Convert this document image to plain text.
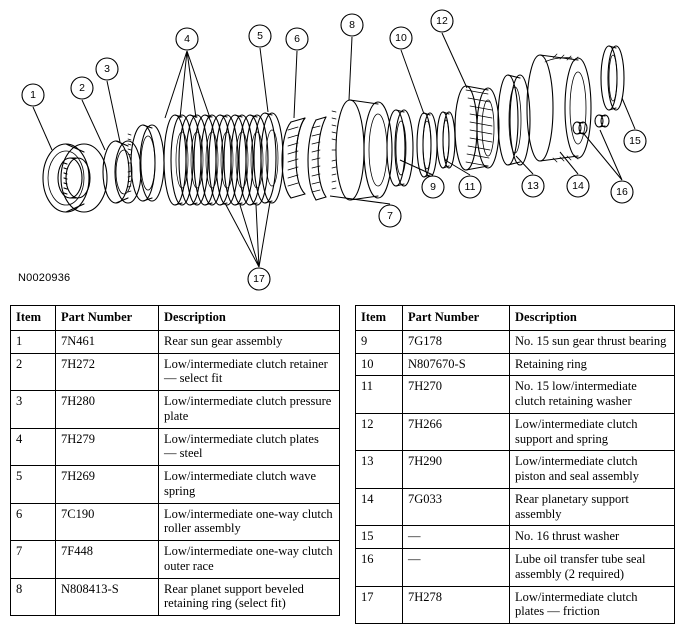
1
2
3
4	5	6
7
8
9
10
11
12
13	14
15
16
17
N0020936
Item	Part Number	Description
1	7N461	Rear sun gear assembly
2	7H272	Low/intermediate clutch retainer — select fit
3	7H280	Low/intermediate clutch pressure plate
4	7H279	Low/intermediate clutch plates — steel
5	7H269	Low/intermediate clutch wave spring
6	7C190	Low/intermediate one-way clutch roller assembly
7	7F448	Low/intermediate one-way clutch outer race
8	N808413-S	Rear planet support beveled retaining ring (select fit)
Item	Part Number	Description
9	7G178	No. 15 sun gear thrust bearing
10	N807670-S	Retaining ring
11	7H270	No. 15 low/intermediate clutch retaining washer
12	7H266	Low/intermediate clutch support and spring
13	7H290	Low/intermediate clutch piston and seal assembly
14	7G033	Rear planetary support assembly
15	—	No. 16 thrust washer
16	—	Lube oil transfer tube seal assembly (2 required)
17	7H278	Low/intermediate clutch plates — friction
